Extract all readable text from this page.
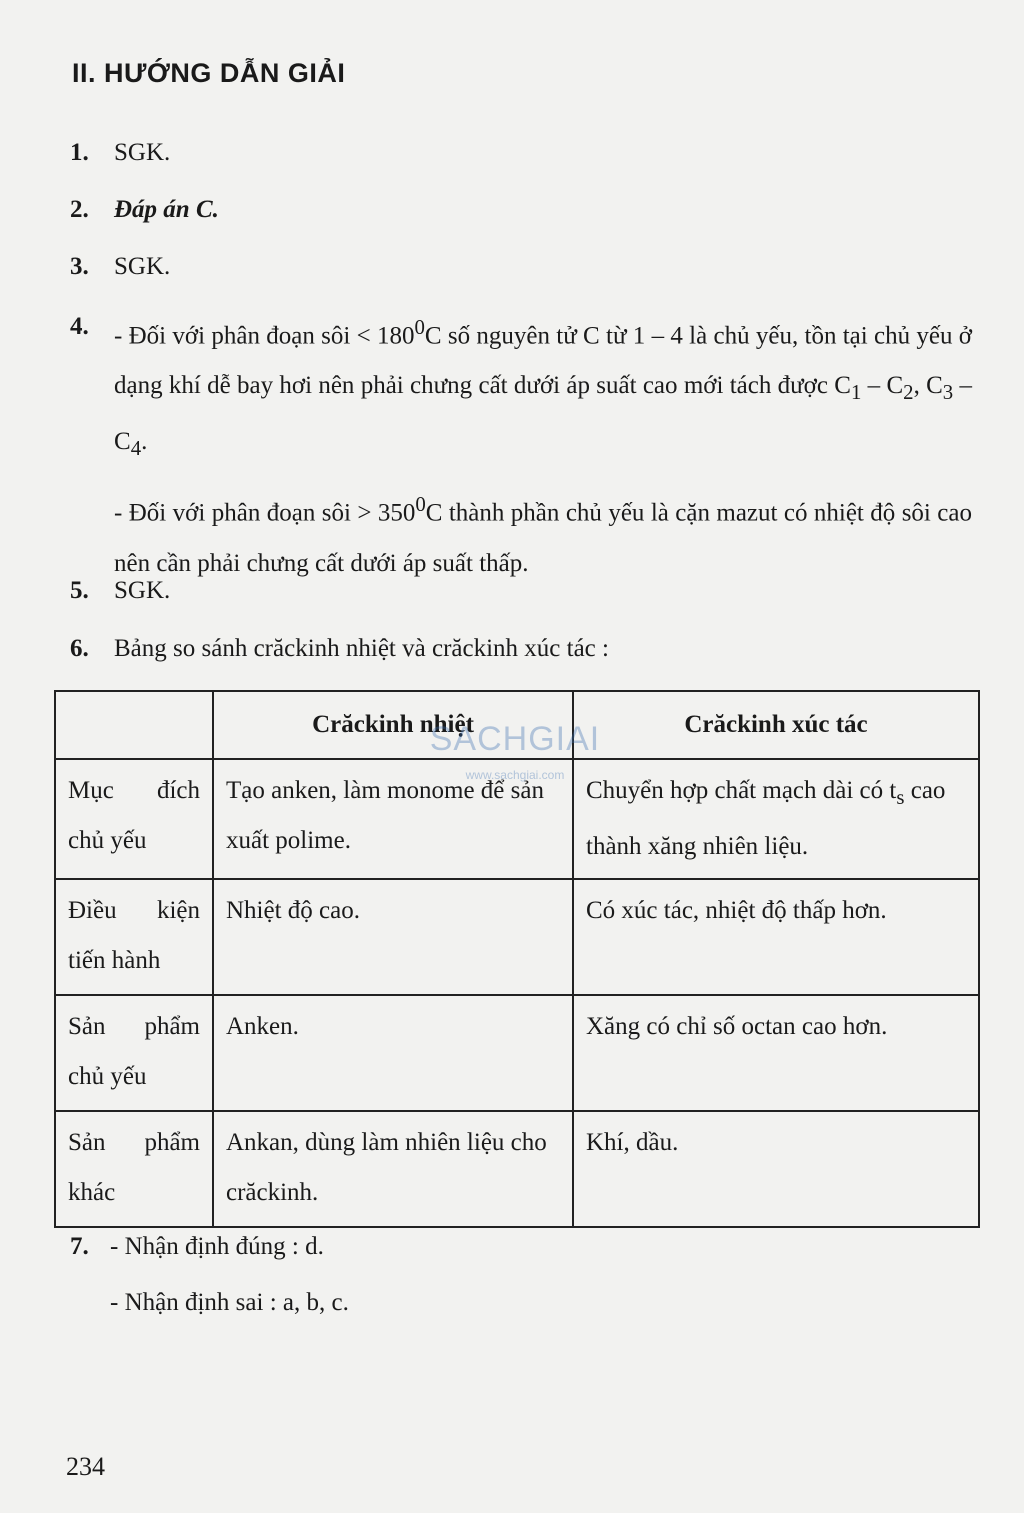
II. HƯỚNG DẪN GIẢI
1. SGK.
2. Đáp án C.
3. SGK.
4. - Đối với phân đoạn sôi < $180^0C$ số nguyên tử C từ 1 – 4 là chủ yếu, tồn tại chủ yếu ở dạng khí dễ bay hơi nên phải chưng cất dưới áp suất cao mới tách được $C_1 - C_2$, $C_3 - C_4$.

- Đối với phân đoạn sôi > $350^0C$ thành phần chủ yếu là cặn mazut có nhiệt độ sôi cao nên cần phải chưng cất dưới áp suất thấp.

5. SGK.
6. Bảng so sánh crăckinh nhiệt và crăckinh xúc tác :
	Crăckinh nhiệt	Crăckinh xúc tác
Mục đích chủ yếu	Tạo anken, làm monome để sản xuất polime.	Chuyển hợp chất mạch dài có $t_s$ cao thành xăng nhiên liệu.
Điều kiện tiến hành	Nhiệt độ cao.	Có xúc tác, nhiệt độ thấp hơn.
Sản phẩm chủ yếu	Anken.	Xăng có chỉ số octan cao hơn.
Sản phẩm khác	Ankan, dùng làm nhiên liệu cho crăckinh.	Khí, dầu.
SACHGIAI
www.sachgiai.com
7. - Nhận định đúng : d.

- Nhận định sai : a, b, c.

234
